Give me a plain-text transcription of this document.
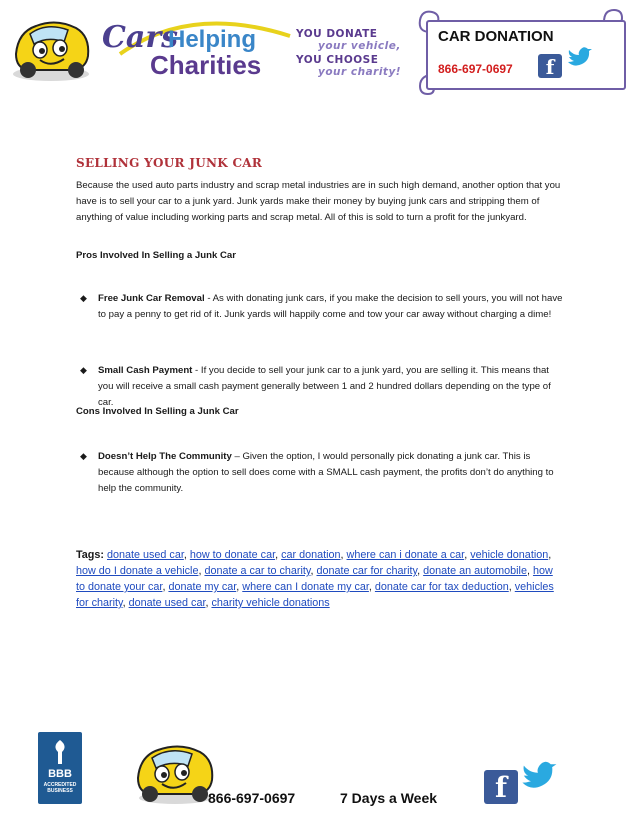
Cars
Helping
Charities
YOU DONATE
your vehicle,
YOU CHOOSE
your charity!
CAR DONATION
866-697-0697	f
SELLING YOUR JUNK CAR
Because the used auto parts industry and scrap metal industries are in such high demand, another option that you have is to sell your car to a junk yard. Junk yards make their money by buying junk cars and stripping them of anything of value including working parts and scrap metal. All of this is sold to turn a profit for the junkyard.
Pros Involved In Selling a Junk Car
◆ Free Junk Car Removal - As with donating junk cars, if you make the decision to sell yours, you will not have to pay a penny to get rid of it. Junk yards will happily come and tow your car away without charging a dime!
◆ Small Cash Payment - If you decide to sell your junk car to a junk yard, you are selling it. This means that you will receive a small cash payment generally between 1 and 2 hundred dollars depending on the type of car.
Cons Involved In Selling a Junk Car
◆ Doesn’t Help The Community – Given the option, I would personally pick donating a junk car. This is because although the option to sell does come with a SMALL cash payment, the profits don’t do anything to help the community.
Tags: donate used car, how to donate car, car donation, where can i donate a car, vehicle donation, how do I donate a vehicle, donate a car to charity, donate car for charity, donate an automobile, how to donate your car, donate my car, where can I donate my car, donate car for tax deduction, vehicles for charity, donate used car, charity vehicle donations
BBB
ACCREDITED BUSINESS	866-697-0697	7 Days a Week	f
